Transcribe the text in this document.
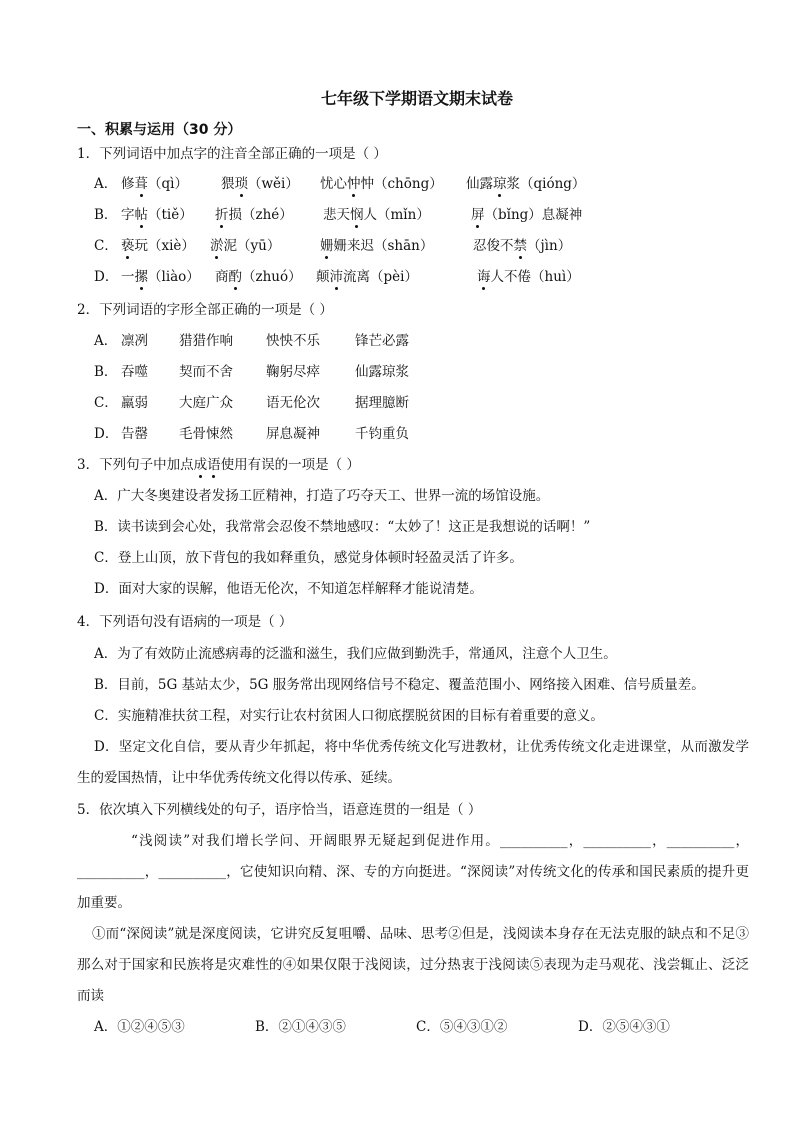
七年级下学期语文期末试卷
一、积累与运用（30 分）
1．下列词语中加点字的注音全部正确的一项是（ ）
A． 修葺（qì） 猥琐（wěi） 忧心忡忡（chōng） 仙露琼浆（qióng）
B． 字帖（tiě） 折损（zhé） 悲天悯人（mǐn）	屏（bǐng）息凝神
C． 亵玩（xiè） 淤泥（yū）	姗姗来迟（shān）	忍俊不禁（jìn）
D． 一摞（liào） 商酌（zhuó） 颠沛流离（pèi）	诲人不倦（huì）
2．下列词语的字形全部正确的一项是（ ）
A． 凛冽 猎猎作响 怏怏不乐	锋芒必露
B． 吞噬 契而不舍 鞠躬尽瘁	仙露琼浆
C． 羸弱 大庭广众 语无伦次	据理臆断
D． 告罄 毛骨悚然 屏息凝神	千钧重负
3．下列句子中加点成语使用有误的一项是（ ）
A．广大冬奥建设者发扬工匠精神，打造了巧夺天工、世界一流的场馆设施。
B．读书读到会心处，我常常会忍俊不禁地感叹：“太妙了！这正是我想说的话啊！”
C．登上山顶，放下背包的我如释重负，感觉身体顿时轻盈灵活了许多。
D．面对大家的误解，他语无伦次，不知道怎样解释才能说清楚。
4．下列语句没有语病的一项是（ ）
A．为了有效防止流感病毒的泛滥和滋生，我们应做到勤洗手，常通风，注意个人卫生。
B．目前，5G 基站太少，5G 服务常出现网络信号不稳定、覆盖范围小、网络接入困难、信号质量差。
C．实施精准扶贫工程，对实行让农村贫困人口彻底摆脱贫困的目标有着重要的意义。
D．坚定文化自信，要从青少年抓起，将中华优秀传统文化写进教材，让优秀传统文化走进课堂，从而激发学生的爱国热情，让中华优秀传统文化得以传承、延续。
5．依次填入下列横线处的句子，语序恰当，语意连贯的一组是（ ）
“浅阅读”对我们增长学问、开阔眼界无疑起到促进作用。__________，__________，__________，__________，__________，它使知识向精、深、专的方向挺进。“深阅读”对传统文化的传承和国民素质的提升更加重要。
①而“深阅读”就是深度阅读，它讲究反复咀嚼、品味、思考②但是，浅阅读本身存在无法克服的缺点和不足③那么对于国家和民族将是灾难性的④如果仅限于浅阅读，过分热衷于浅阅读⑤表现为走马观花、浅尝辄止、泛泛而读
A．①②④⑤③	B．②①④③⑤	C．⑤④③①②	D．②⑤④③①
